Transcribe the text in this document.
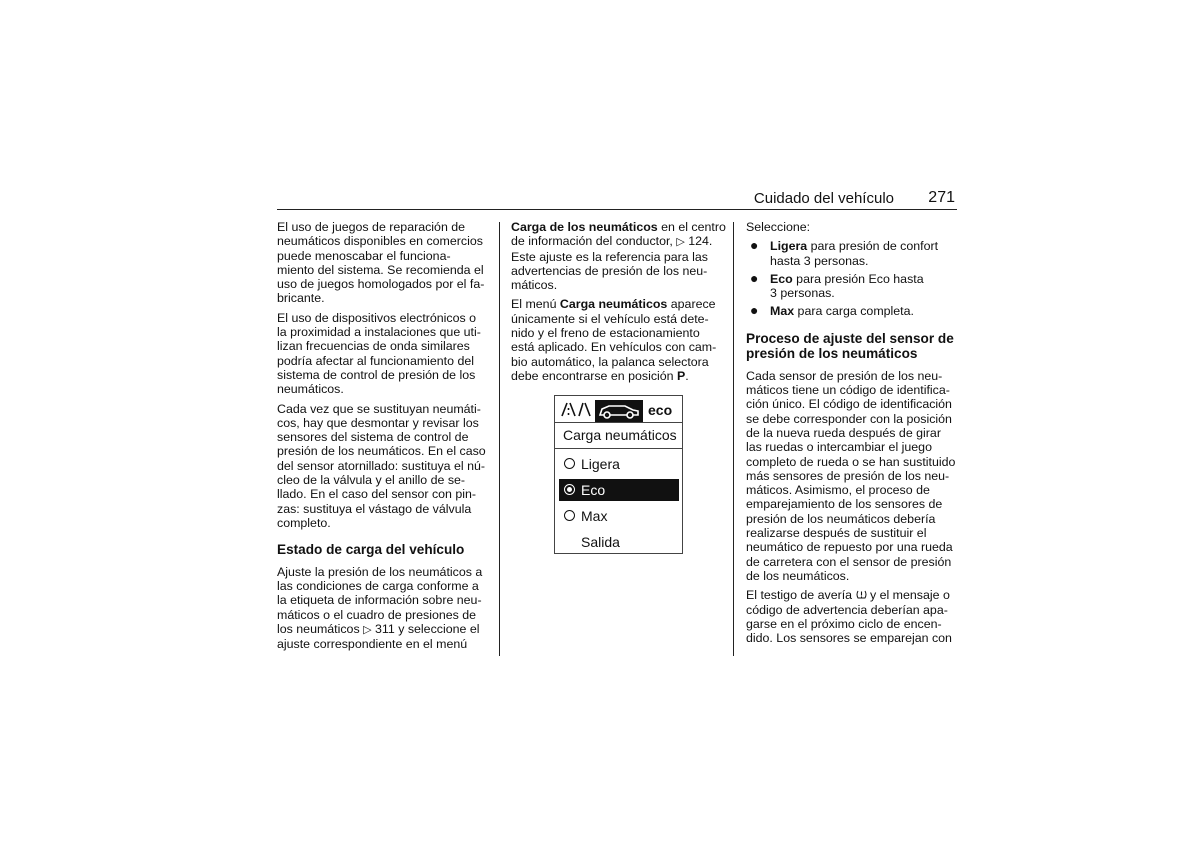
Cuidado del vehículo 271

El uso de juegos de reparación de
neumáticos disponibles en comercios
puede menoscabar el funciona-
miento del sistema. Se recomienda el
uso de juegos homologados por el fa-
bricante.

El uso de dispositivos electrónicos o
la proximidad a instalaciones que uti-
lizan frecuencias de onda similares
podría afectar al funcionamiento del
sistema de control de presión de los
neumáticos.

Cada vez que se sustituyan neumáti-
cos, hay que desmontar y revisar los
sensores del sistema de control de
presión de los neumáticos. En el caso
del sensor atornillado: sustituya el nú-
cleo de la válvula y el anillo de se-
llado. En el caso del sensor con pin-
zas: sustituya el vástago de válvula
completo.

Estado de carga del vehículo

Ajuste la presión de los neumáticos a
las condiciones de carga conforme a
la etiqueta de información sobre neu-
máticos o el cuadro de presiones de
los neumáticos ▷ 311 y seleccione el
ajuste correspondiente en el menú

Carga de los neumáticos en el centro
de información del conductor, ▷ 124.
Este ajuste es la referencia para las
advertencias de presión de los neu-
máticos.

El menú Carga neumáticos aparece
únicamente si el vehículo está dete-
nido y el freno de estacionamiento
está aplicado. En vehículos con cam-
bio automático, la palanca selectora
debe encontrarse en posición P.

eco
Carga neumáticos
Ligera
Eco
Max
Salida

Seleccione:

● Ligera para presión de confort
hasta 3 personas.
● Eco para presión Eco hasta
3 personas.
● Max para carga completa.
Proceso de ajuste del sensor de
presión de los neumáticos

Cada sensor de presión de los neu-
máticos tiene un código de identifica-
ción único. El código de identificación
se debe corresponder con la posición
de la nueva rueda después de girar
las ruedas o intercambiar el juego
completo de rueda o se han sustituido
más sensores de presión de los neu-
máticos. Asimismo, el proceso de
emparejamiento de los sensores de
presión de los neumáticos debería
realizarse después de sustituir el
neumático de repuesto por una rueda
de carretera con el sensor de presión
de los neumáticos.

El testigo de avería  y el mensaje o
código de advertencia deberían apa-
garse en el próximo ciclo de encen-
dido. Los sensores se emparejan con
